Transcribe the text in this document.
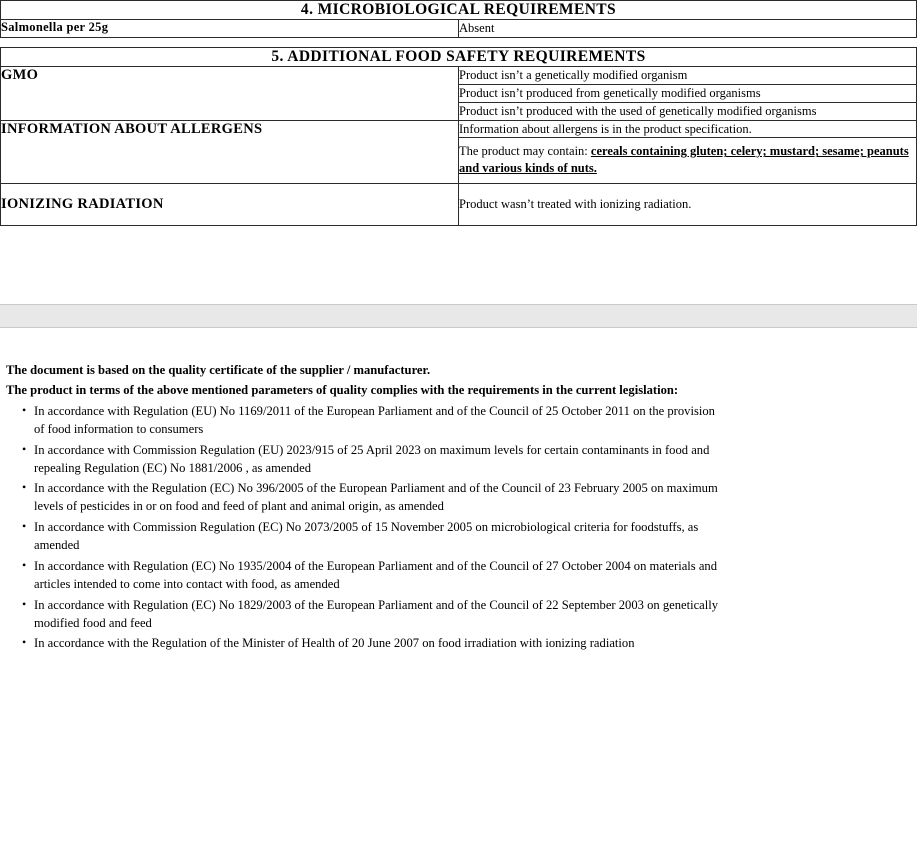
4. MICROBIOLOGICAL REQUIREMENTS
Salmonella per 25g	Absent
5. ADDITIONAL FOOD SAFETY REQUIREMENTS	
GMO	Product isn’t a genetically modified organism
	Product isn’t produced from genetically modified organisms
	Product isn’t produced with the used of genetically modified organisms
INFORMATION ABOUT ALLERGENS	Information about allergens is in the product specification.
	The product may contain: cereals containing gluten; celery; mustard; sesame; peanuts and various kinds of nuts.
IONIZING RADIATION	Product wasn’t treated with ionizing radiation.

The document is based on the quality certificate of the supplier / manufacturer.

The product in terms of the above mentioned parameters of quality complies with the requirements in the current legislation:

• In accordance with Regulation (EU) No 1169/2011 of the European Parliament and of the Council of 25 October 2011 on the provision
of food information to consumers
• In accordance with Commission Regulation (EU) 2023/915 of 25 April 2023 on maximum levels for certain contaminants in food and
repealing Regulation (EC) No 1881/2006 , as amended
• In accordance with the Regulation (EC) No 396/2005 of the European Parliament and of the Council of 23 February 2005 on maximum
levels of pesticides in or on food and feed of plant and animal origin, as amended
• In accordance with Commission Regulation (EC) No 2073/2005 of 15 November 2005 on microbiological criteria for foodstuffs, as
amended
• In accordance with Regulation (EC) No 1935/2004 of the European Parliament and of the Council of 27 October 2004 on materials and
articles intended to come into contact with food, as amended
• In accordance with Regulation (EC) No 1829/2003 of the European Parliament and of the Council of 22 September 2003 on genetically
modified food and feed
• In accordance with the Regulation of the Minister of Health of 20 June 2007 on food irradiation with ionizing radiation
